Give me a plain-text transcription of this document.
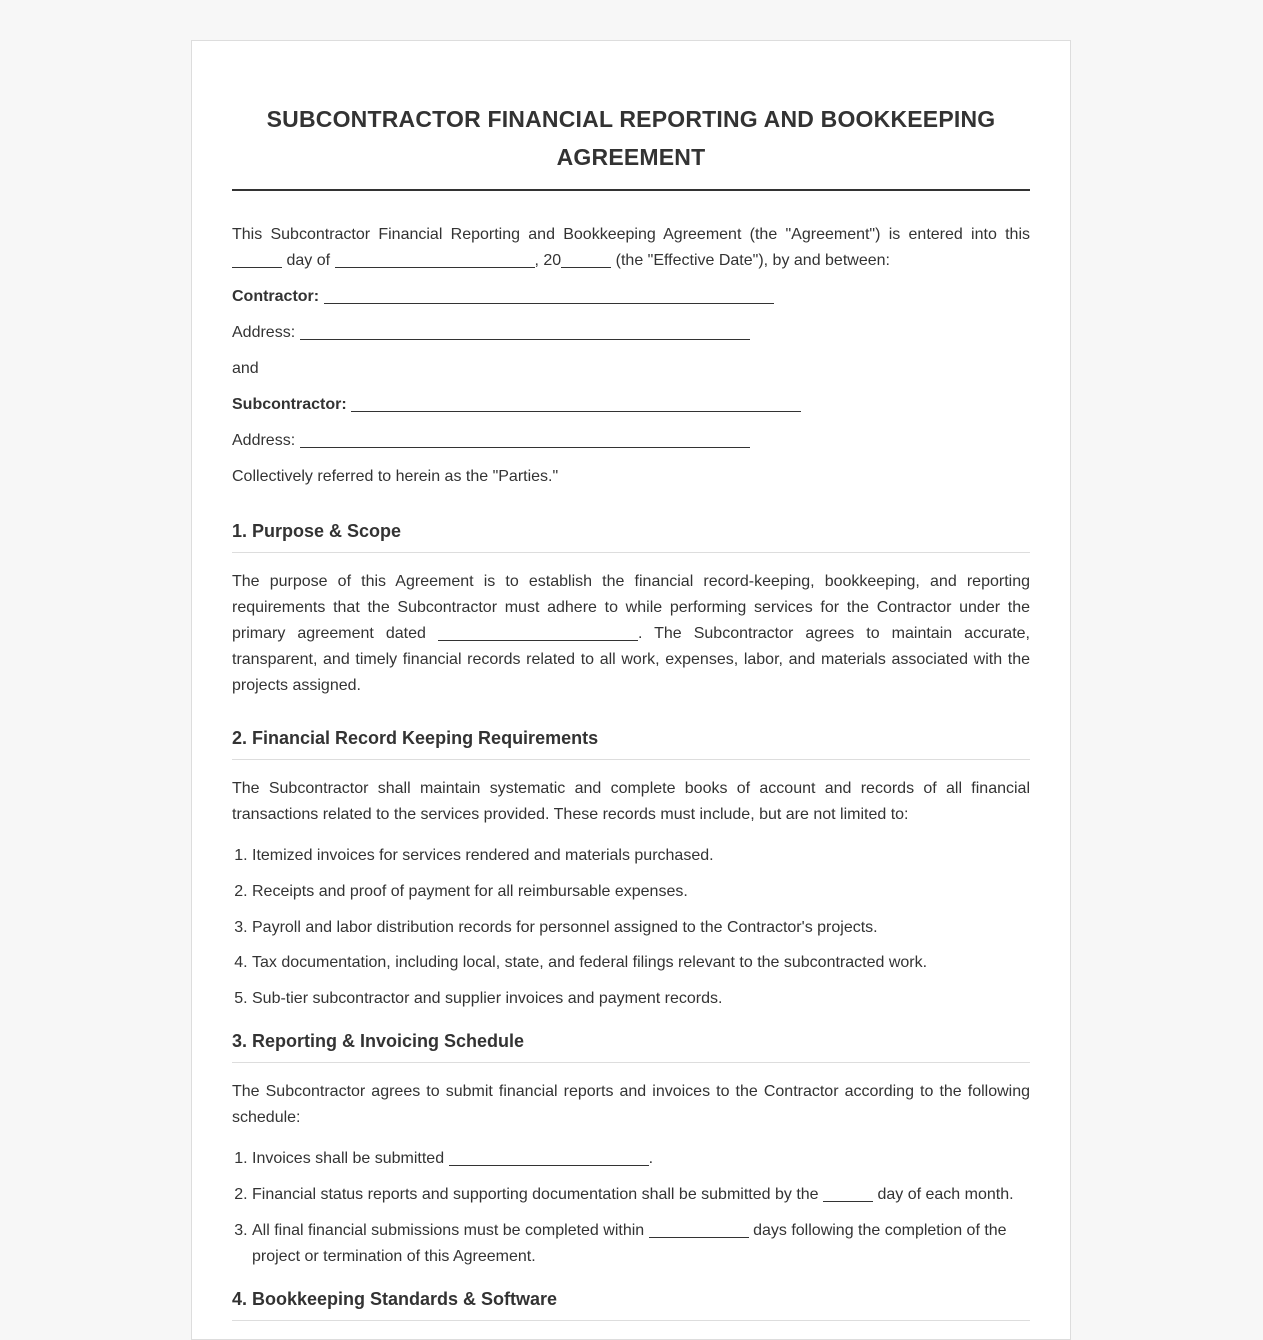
SUBCONTRACTOR FINANCIAL REPORTING AND BOOKKEEPING AGREEMENT

This Subcontractor Financial Reporting and Bookkeeping Agreement (the "Agreement") is entered into this  day of	, 20	(the "Effective Date"), by and between:

Contractor:
Address:
and
Subcontractor:
Address:
Collectively referred to herein as the "Parties."
1. Purpose & Scope

The purpose of this Agreement is to establish the financial record-keeping, bookkeeping, and reporting requirements that the Subcontractor must adhere to while performing services for the Contractor under the primary agreement dated	. The Subcontractor agrees to maintain accurate, transparent, and timely financial records related to all work, expenses, labor, and materials associated with the projects assigned.

2. Financial Record Keeping Requirements

The Subcontractor shall maintain systematic and complete books of account and records of all financial transactions related to the services provided. These records must include, but are not limited to:

1. Itemized invoices for services rendered and materials purchased.
2. Receipts and proof of payment for all reimbursable expenses.
3. Payroll and labor distribution records for personnel assigned to the Contractor's projects.
4. Tax documentation, including local, state, and federal filings relevant to the subcontracted work.
5. Sub-tier subcontractor and supplier invoices and payment records.
3. Reporting & Invoicing Schedule

The Subcontractor agrees to submit financial reports and invoices to the Contractor according to the following schedule:

1. Invoices shall be submitted	.
2. Financial status reports and supporting documentation shall be submitted by the	day of each month.
3. All final financial submissions must be completed within	days following the completion of the project or termination of this Agreement.
4. Bookkeeping Standards & Software
